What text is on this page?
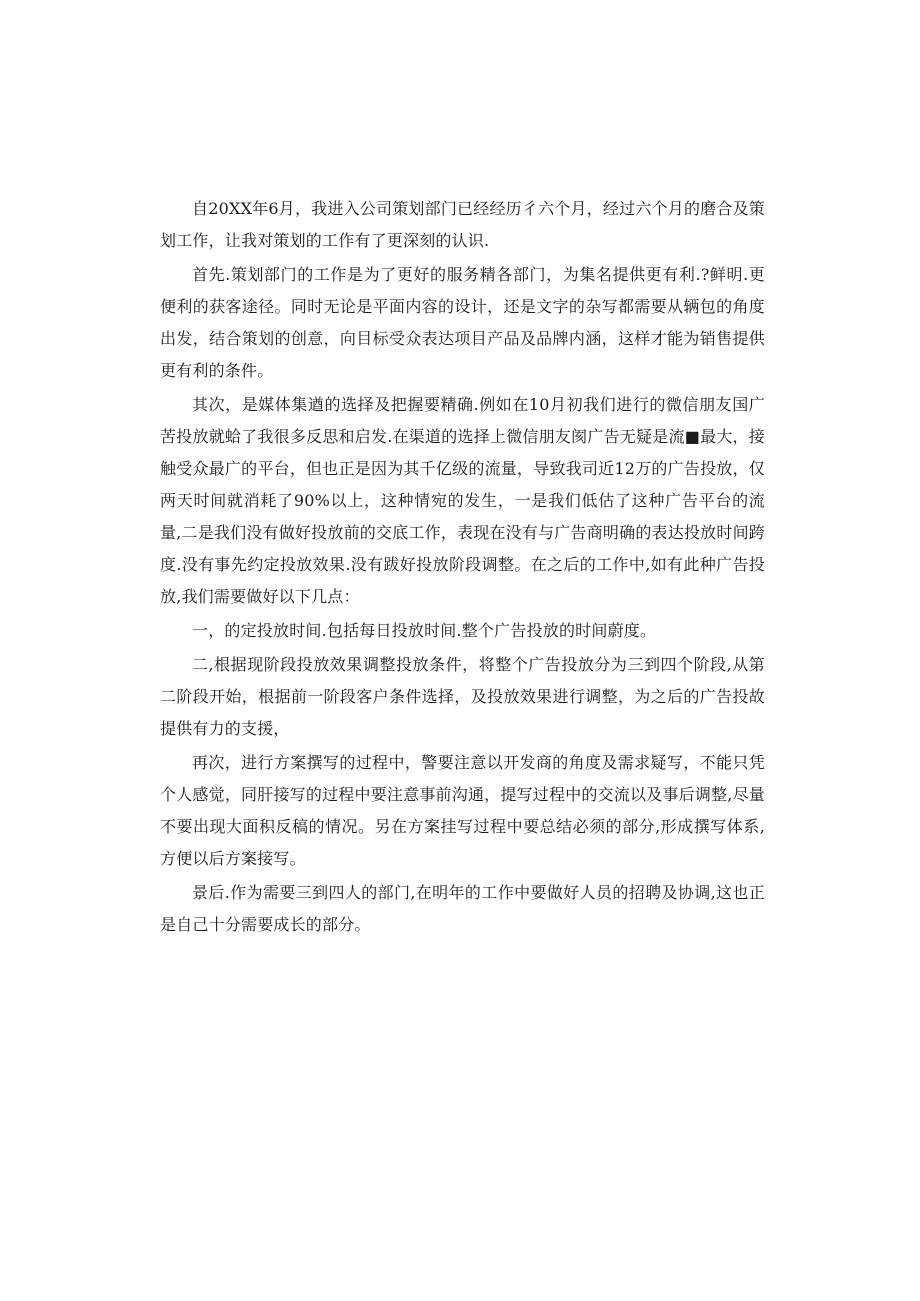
自20XX年6月，我进入公司策划部门已经经历彳六个月，经过六个月的磨合及策划工作，让我对策划的工作有了更深刻的认识.

首先.策划部门的工作是为了更好的服务精各部门，为集名提供更有利.?鲜明.更便利的获客途径。同时无论是平面内容的设计，还是文字的杂写都需要从辆包的角度出发，结合策划的创意，向目标受众表达项目产品及品牌内涵，这样才能为销售提供更有利的条件。

其次，是媒体集遒的选择及把握要精确.例如在10月初我们进行的微信朋友国广苦投放就蛤了我很多反思和启发.在渠道的选择上微信朋友阂广告无疑是流■最大，接触受众最广的平台，但也正是因为其千亿级的流量，导致我司近12万的广告投放，仅两天时间就消耗了90%以上，这种情宛的发生，一是我们低估了这种广告平台的流量,二是我们没有做好投放前的交底工作，表现在没有与广告商明确的表达投放时间跨度.没有事先约定投放效果.没有跋好投放阶段调整。在之后的工作中,如有此种广告投放,我们需要做好以下几点：

一，的定投放时间.包括每日投放时间.整个广告投放的时间蔚度。

二,根据现阶段投放效果调整投放条件，将整个广告投放分为三到四个阶段,从第二阶段开始，根据前一阶段客户条件选择，及投放效果进行调整，为之后的广告投故提供有力的支援，

再次，进行方案撰写的过程中，警要注意以开发商的角度及需求疑写，不能只凭个人感觉，同肝接写的过程中要注意事前沟通，提写过程中的交流以及事后调整,尽量不要出现大面积反稿的情况。另在方案挂写过程中要总结必须的部分,形成撰写体系,方便以后方案接写。

景后.作为需要三到四人的部门,在明年的工作中要做好人员的招聘及协调,这也正是自己十分需要成长的部分。
